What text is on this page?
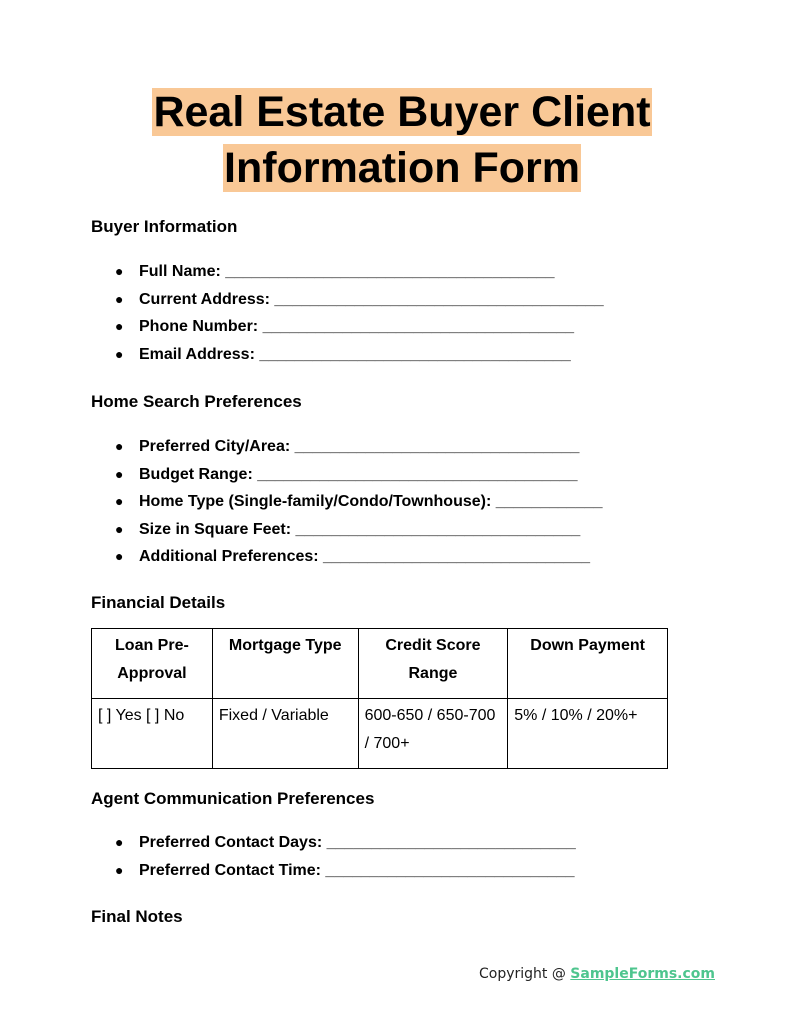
Real Estate Buyer Client
Information Form
Buyer Information
● Full Name: _____________________________________
● Current Address: _____________________________________
● Phone Number: ___________________________________
● Email Address: ___________________________________
Home Search Preferences
● Preferred City/Area: ________________________________
● Budget Range: ____________________________________
● Home Type (Single-family/Condo/Townhouse): ____________
● Size in Square Feet: ________________________________
● Additional Preferences: ______________________________
Financial Details
Loan Pre-Approval	Mortgage Type	Credit Score Range	Down Payment
[ ] Yes [ ] No	Fixed / Variable	600-650 / 650-700 / 700+	5% / 10% / 20%+
Agent Communication Preferences
● Preferred Contact Days: ____________________________
● Preferred Contact Time: ____________________________
Final Notes
Copyright @ SampleForms.com
